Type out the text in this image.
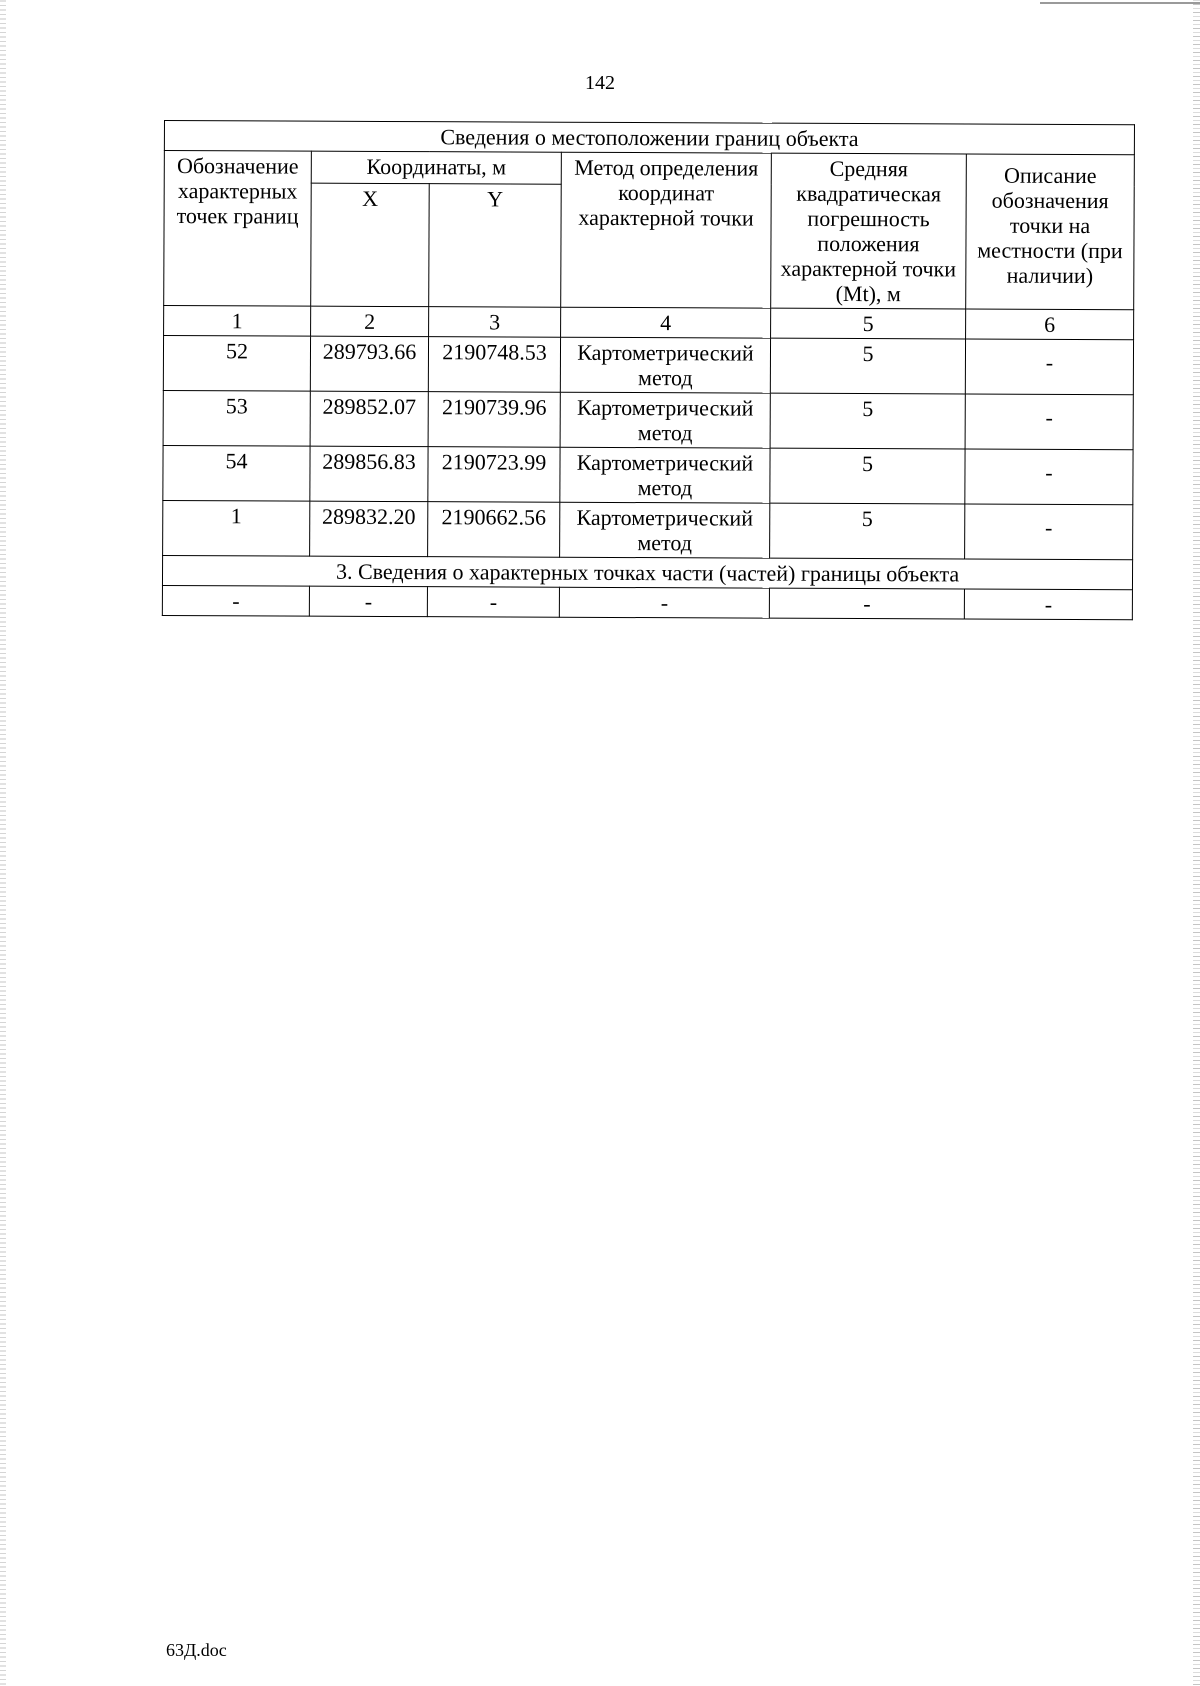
142
Сведения о местоположении границ объекта					
Обозначение характерных точек границ	Координаты, м		Метод определения координат характерной точки	Средняя квадратическая погрешность положения характерной точки (Mt), м	Описание обозначения точки на местности (при наличии)
	X	Y			
1	2	3	4	5	6
52	289793.66	2190748.53	Картометрический метод	5	-
53	289852.07	2190739.96	Картометрический метод	5	-
54	289856.83	2190723.99	Картометрический метод	5	-
1	289832.20	2190662.56	Картометрический метод	5	-
3. Сведения о характерных точках части (частей) границы объекта					
-	-	-	-	-	-
63Д.doc
